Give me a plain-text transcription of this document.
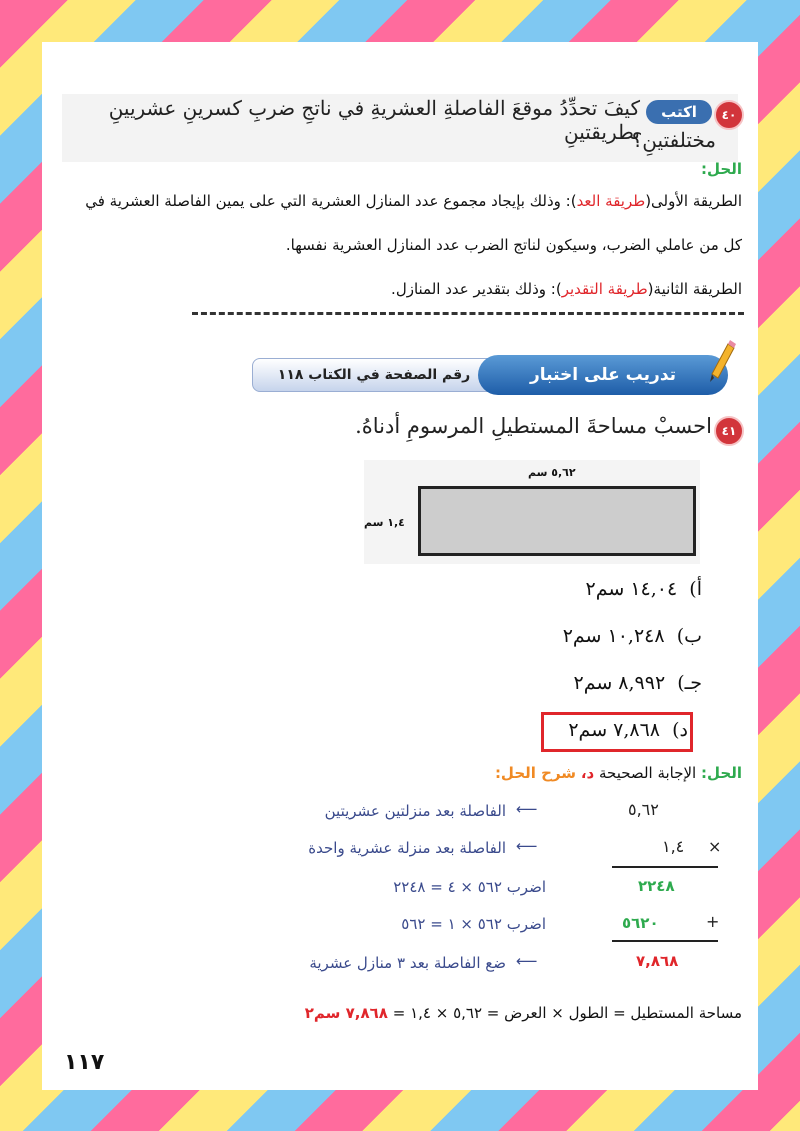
٤٠
اكتب
كيفَ تحدِّدُ موقعَ الفاصلةِ العشريةِ في ناتجِ ضربِ كسرينِ عشريينِ بطريقتينِ
مختلفتينِ؟
الحل:
الطريقة الأولى(طريقة العد): وذلك بإيجاد مجموع عدد المنازل العشرية التي على يمين الفاصلة العشرية في
كل من عاملي الضرب، وسيكون لناتج الضرب عدد المنازل العشرية نفسها.
الطريقة الثانية(طريقة التقدير): وذلك بتقدير عدد المنازل.
رقم الصفحة في الكتاب ١١٨	تدريب على اختبار
٤١
احسبْ مساحةَ المستطيلِ المرسومِ أدناهُ.
٥,٦٢ سم
١,٤ سم
أ)  ١٤,٠٤ سم٢
ب)  ١٠,٢٤٨ سم٢
جـ)  ٨,٩٩٢ سم٢
د)  ٧,٨٦٨ سم٢
الحل: الإجابة الصحيحة د، شرح الحل:
٥,٦٢
⟵
الفاصلة بعد منزلتين عشريتين
١,٤ ×
⟵
الفاصلة بعد منزلة عشرية واحدة
٢٢٤٨
اضرب ٥٦٢ × ٤ = ٢٢٤٨
٥٦٢٠	+
اضرب ٥٦٢ × ١ = ٥٦٢
٧,٨٦٨
⟵
ضع الفاصلة بعد ٣ منازل عشرية
مساحة المستطيل = الطول × العرض = ٥,٦٢ × ١,٤ = ٧,٨٦٨ سم٢
١١٧
